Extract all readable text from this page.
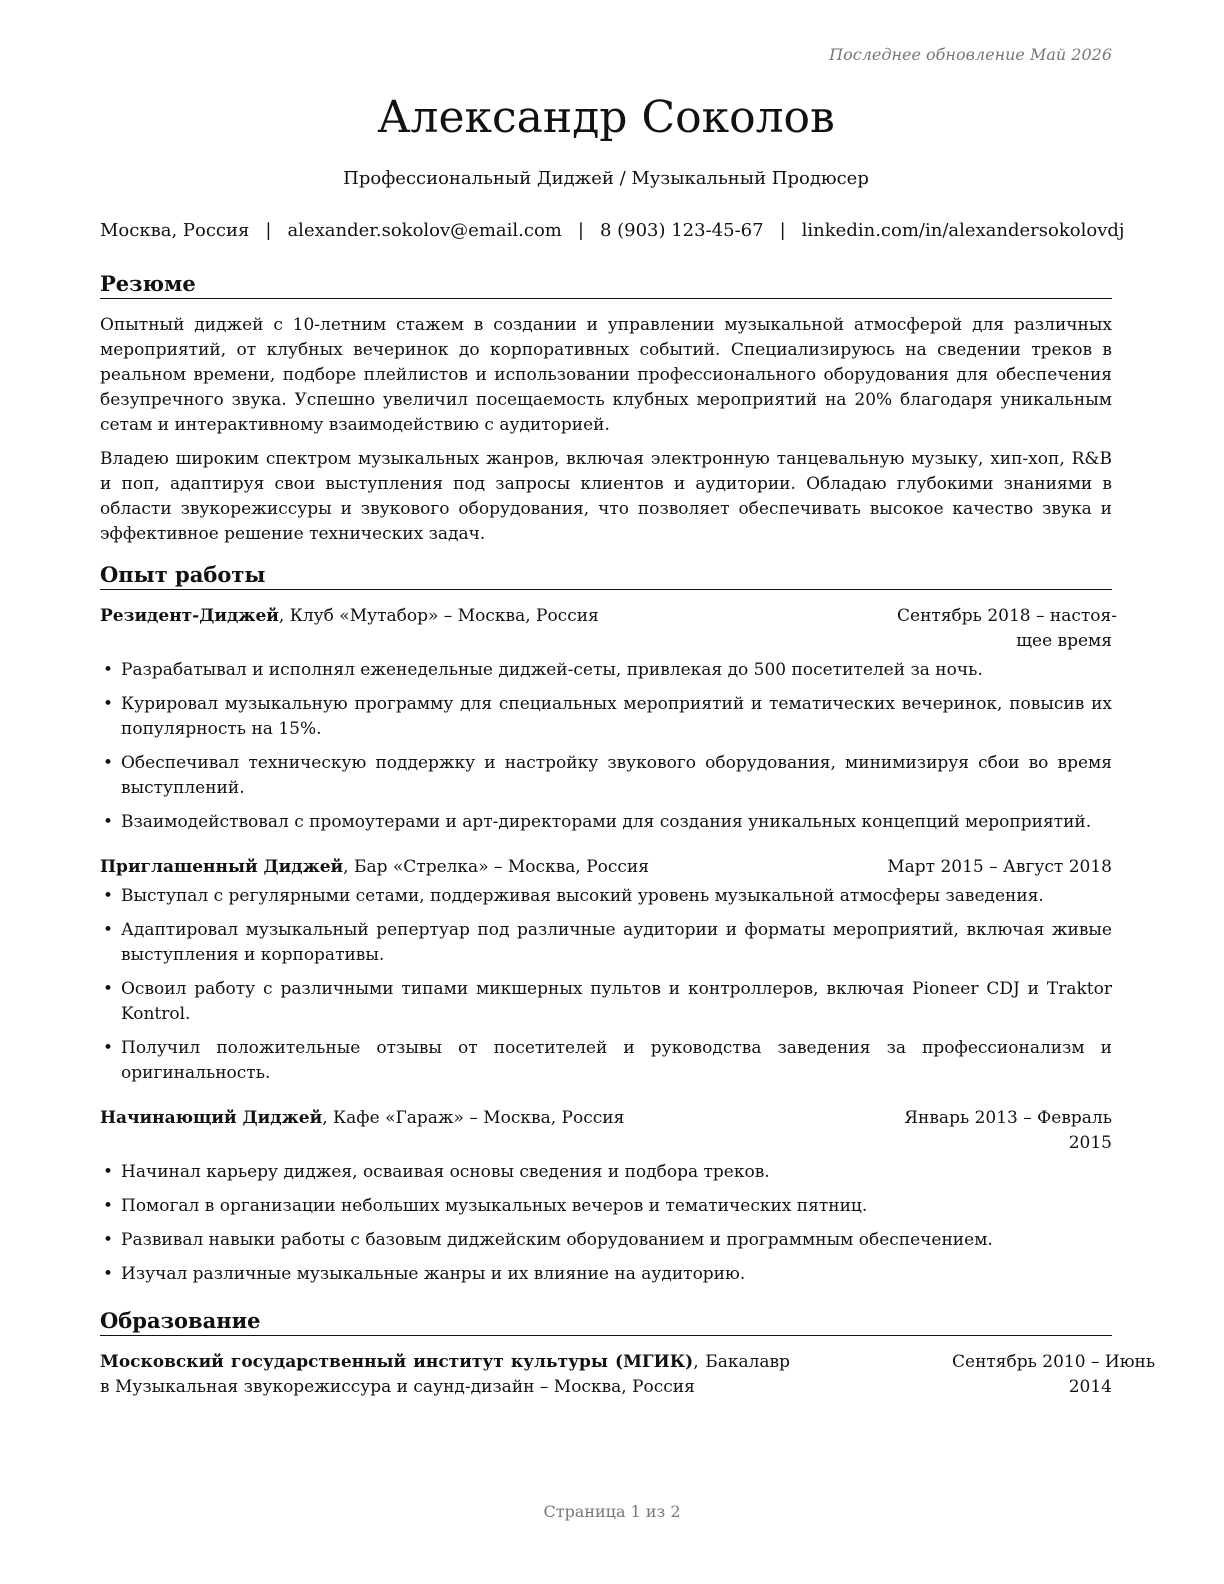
Последнее обновление Май 2026
Александр Соколов
Профессиональный Диджей / Музыкальный Продюсер
Москва, Россия | alexander.sokolov@email.com | 8 (903) 123-45-67 | linkedin.com/in/alexandersokolovdj
Резюме

Опытный диджей с 10-летним стажем в создании и управлении музыкальной атмосферой для различных мероприятий, от клубных вечеринок до корпоративных событий. Специализируюсь на сведении треков в реальном времени, подборе плейлистов и использовании профессионального оборудования для обеспечения безупречного звука. Успешно увеличил посещаемость клубных мероприятий на 20% благодаря уникальным сетам и интерактивному взаимодействию с аудиторией.

Владею широким спектром музыкальных жанров, включая электронную танцевальную музыку, хип-хоп, R&B и поп, адаптируя свои выступления под запросы клиентов и аудитории. Обладаю глубокими знаниями в области звукорежиссуры и звукового оборудования, что позволяет обеспечивать высокое качество звука и эффективное решение технических задач.

Опыт работы
Резидент-Диджей, Клуб «Мутабор» – Москва, Россия	Сентябрь 2018 – настоя-
щее время
• Разрабатывал и исполнял еженедельные диджей-сеты, привлекая до 500 посетителей за ночь.
• Курировал музыкальную программу для специальных мероприятий и тематических вечеринок, повысив их популярность на 15%.
• Обеспечивал техническую поддержку и настройку звукового оборудования, минимизируя сбои во время выступлений.
• Взаимодействовал с промоутерами и арт-директорами для создания уникальных концепций мероприятий.
Приглашенный Диджей, Бар «Стрелка» – Москва, Россия	Март 2015 – Август 2018
• Выступал с регулярными сетами, поддерживая высокий уровень музыкальной атмосферы заведения.
• Адаптировал музыкальный репертуар под различные аудитории и форматы мероприятий, включая живые выступления и корпоративы.
• Освоил работу с различными типами микшерных пультов и контроллеров, включая Pioneer CDJ и Traktor Kontrol.
• Получил положительные отзывы от посетителей и руководства заведения за профессионализм и оригинальность.
Начинающий Диджей, Кафе «Гараж» – Москва, Россия	Январь 2013 – Февраль
2015
• Начинал карьеру диджея, осваивая основы сведения и подбора треков.
• Помогал в организации небольших музыкальных вечеров и тематических пятниц.
• Развивал навыки работы с базовым диджейским оборудованием и программным обеспечением.
• Изучал различные музыкальные жанры и их влияние на аудиторию.
Образование
Московский государственный институт культуры (МГИК), Бакалавр в Музыкальная звукорежиссура и саунд-дизайн – Москва, Россия
Сентябрь 2010 – Июнь
2014
Страница 1 из 2
